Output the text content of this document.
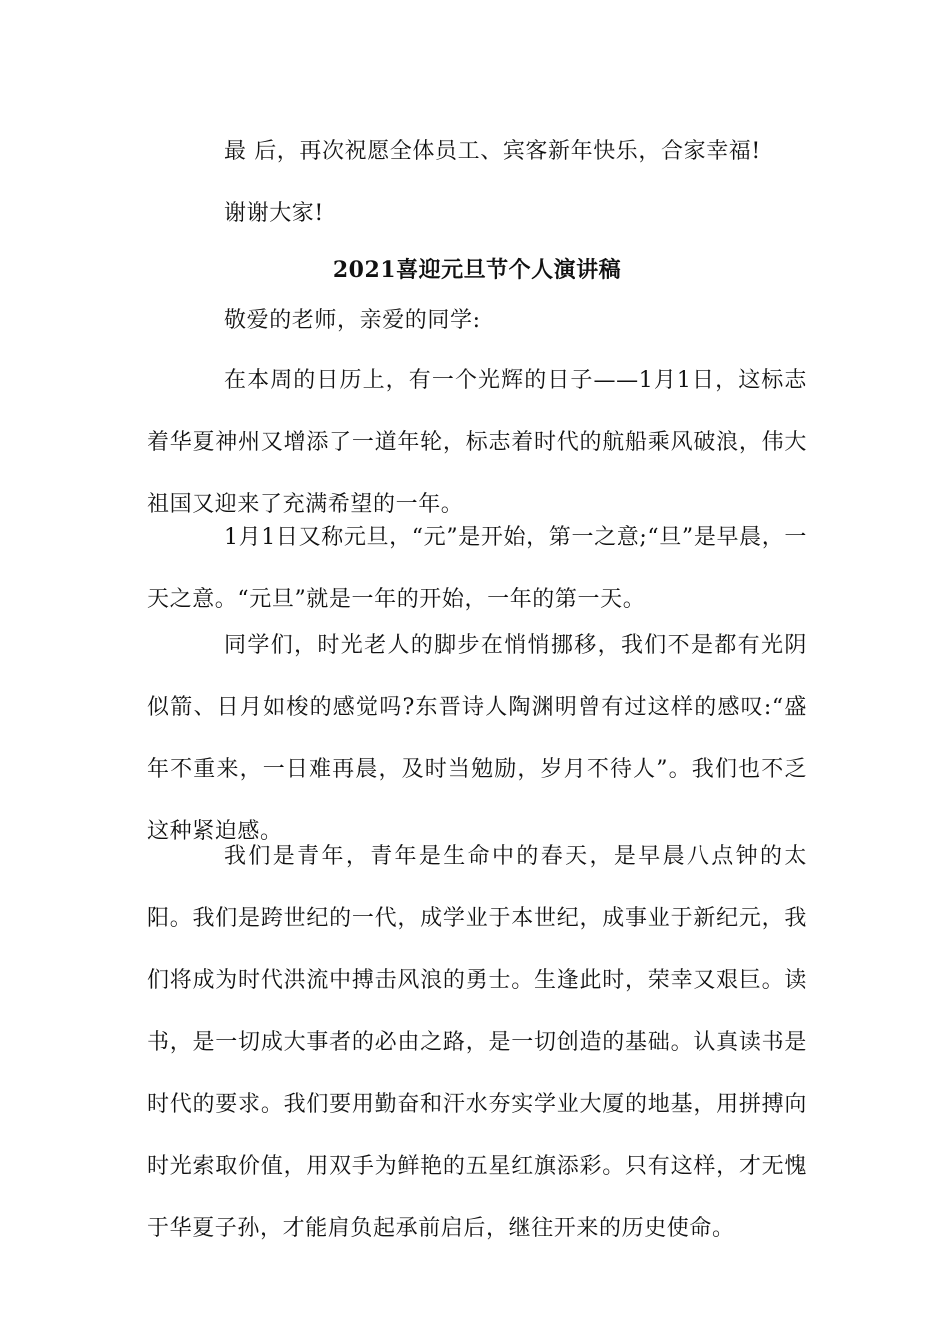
最 后，再次祝愿全体员工、宾客新年快乐，合家幸福!

谢谢大家!

2021喜迎元旦节个人演讲稿

敬爱的老师，亲爱的同学:

在本周的日历上，有一个光辉的日子——1月1日，这标志着华夏神州又增添了一道年轮，标志着时代的航船乘风破浪，伟大祖国又迎来了充满希望的一年。

1月1日又称元旦，“元”是开始，第一之意;“旦”是早晨，一天之意。“元旦”就是一年的开始，一年的第一天。

同学们，时光老人的脚步在悄悄挪移，我们不是都有光阴似箭、日月如梭的感觉吗?东晋诗人陶渊明曾有过这样的感叹:“盛年不重来，一日难再晨，及时当勉励，岁月不待人”。我们也不乏这种紧迫感。

我们是青年，青年是生命中的春天，是早晨八点钟的太阳。我们是跨世纪的一代，成学业于本世纪，成事业于新纪元，我们将成为时代洪流中搏击风浪的勇士。生逢此时，荣幸又艰巨。读书，是一切成大事者的必由之路，是一切创造的基础。认真读书是时代的要求。我们要用勤奋和汗水夯实学业大厦的地基，用拼搏向时光索取价值，用双手为鲜艳的五星红旗添彩。只有这样，才无愧于华夏子孙，才能肩负起承前启后，继往开来的历史使命。
